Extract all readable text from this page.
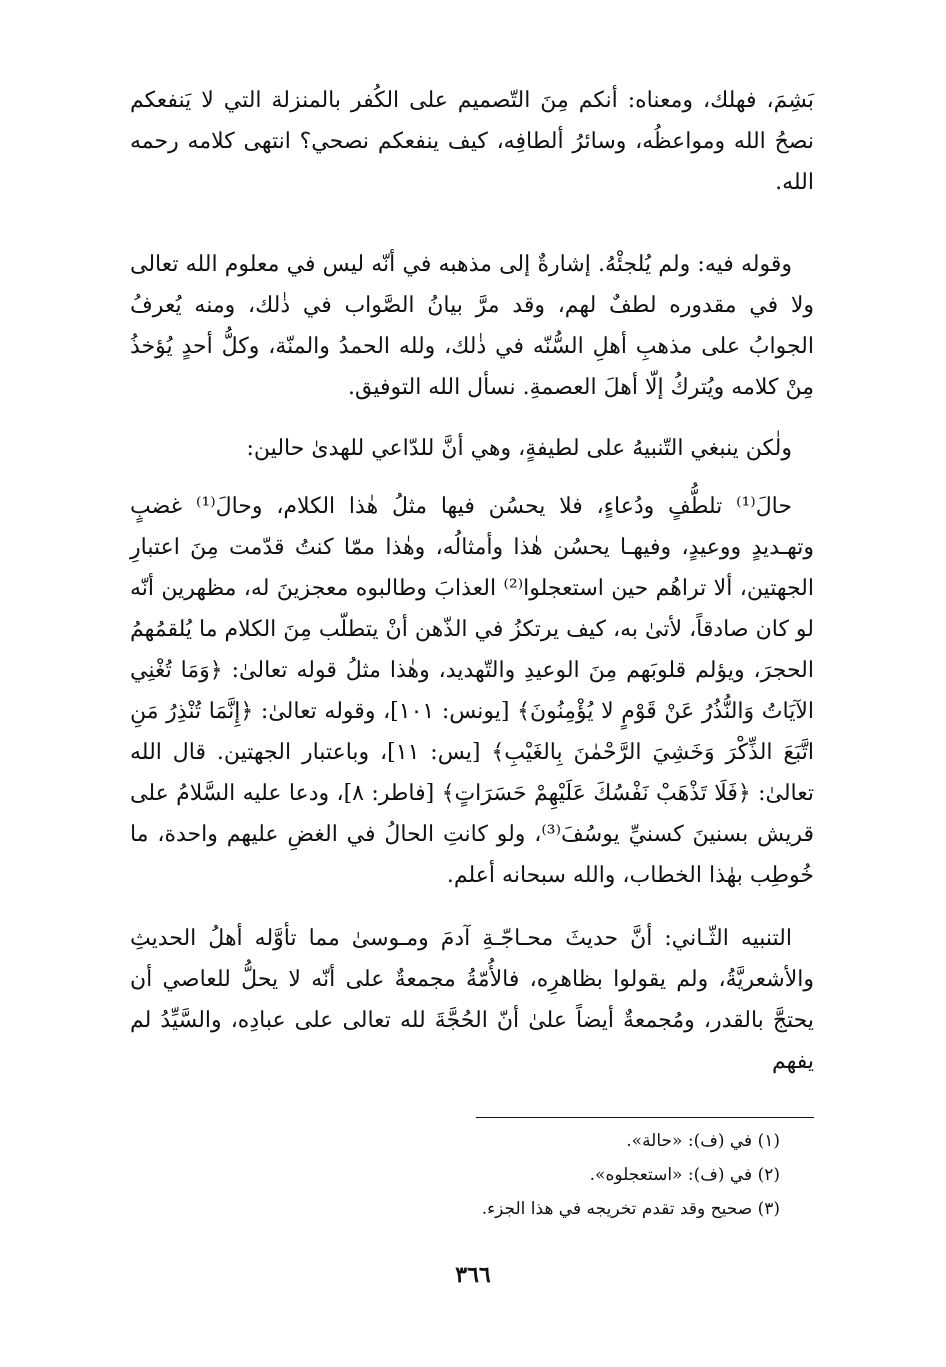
بَشِمَ، فهلك، ومعناه: أنكم مِنَ التّصميم على الكُفر بالمنزلة التي لا يَنفعكم نصحُ الله ومواعظُه، وسائرُ ألطافِه، كيف ينفعكم نصحي؟ انتهى كلامه رحمه الله.

وقوله فيه: ولم يُلجئْهُ. إشارةٌ إلى مذهبه في أنّه ليس في معلوم الله تعالى ولا في مقدوره لطفٌ لهم، وقد مرَّ بيانُ الصَّواب في ذٰلك، ومنه يُعرفُ الجوابُ على مذهبِ أهلِ السُّنّه في ذٰلك، ولله الحمدُ والمنّة، وكلُّ أحدٍ يُؤخذُ مِنْ كلامه ويُتركُ إلّا أهلَ العصمةِ. نسأل الله التوفيق.

ولٰكن ينبغي التّنبيهُ على لطيفةٍ، وهي أنَّ للدّاعي للهدىٰ حالين:

حالَ⁽¹⁾ تلطُّفٍ ودُعاءٍ، فلا يحسُن فيها مثلُ هٰذا الكلام، وحالَ⁽¹⁾ غضبٍ وتهـديدٍ ووعيدٍ، وفيهـا يحسُن هٰذا وأمثالُه، وهٰذا ممّا كنتُ قدّمت مِنَ اعتبارِ الجهتين، ألا تراهُم حين استعجلوا⁽²⁾ العذابَ وطالبوه معجزينَ له، مظهرين أنّه لو كان صادقاً، لأتىٰ به، كيف يرتكزُ في الذّهن أنْ يتطلّب مِنَ الكلام ما يُلقمُهمُ الحجرَ، ويؤلم قلوبَهم مِنَ الوعيدِ والتّهديد، وهٰذا مثلُ قوله تعالىٰ: ﴿وَمَا تُغْنِي الآيَاتُ وَالنُّذُرُ عَنْ قَوْمٍ لا يُؤْمِنُونَ﴾ [يونس: ١٠١]، وقوله تعالىٰ: ﴿إِنَّمَا تُنْذِرُ مَنِ اتَّبَعَ الذِّكْرَ وَخَشِيَ الرَّحْمٰنَ بِالغَيْبِ﴾ [يس: ١١]، وباعتبار الجهتين. قال الله تعالىٰ: ﴿فَلَا تَذْهَبْ نَفْسُكَ عَلَيْهِمْ حَسَرَاتٍ﴾ [فاطر: ٨]، ودعا عليه السَّلامُ على قريش بسنينَ كسنيِّ يوسُفَ⁽³⁾، ولو كانتِ الحالُ في الغضِ عليهم واحدة، ما خُوطِب بهٰذا الخطاب، والله سبحانه أعلم.

التنبيه الثّـاني: أنَّ حديثَ محـاجّـةِ آدمَ ومـوسىٰ مما تأوَّله أهلُ الحديثِ والأشعريَّةُ، ولم يقولوا بظاهرِه، فالأُمّةُ مجمعةٌ على أنّه لا يحلُّ للعاصي أن يحتجَّ بالقدر، ومُجمعةٌ أيضاً علىٰ أنّ الحُجَّةَ لله تعالى على عبادِه، والسَّيِّدُ لم يفهم

(١) في (ف): «حالة».

(٢) في (ف): «استعجلوه».

(٣) صحيح وقد تقدم تخريجه في هذا الجزء.

٣٦٦
